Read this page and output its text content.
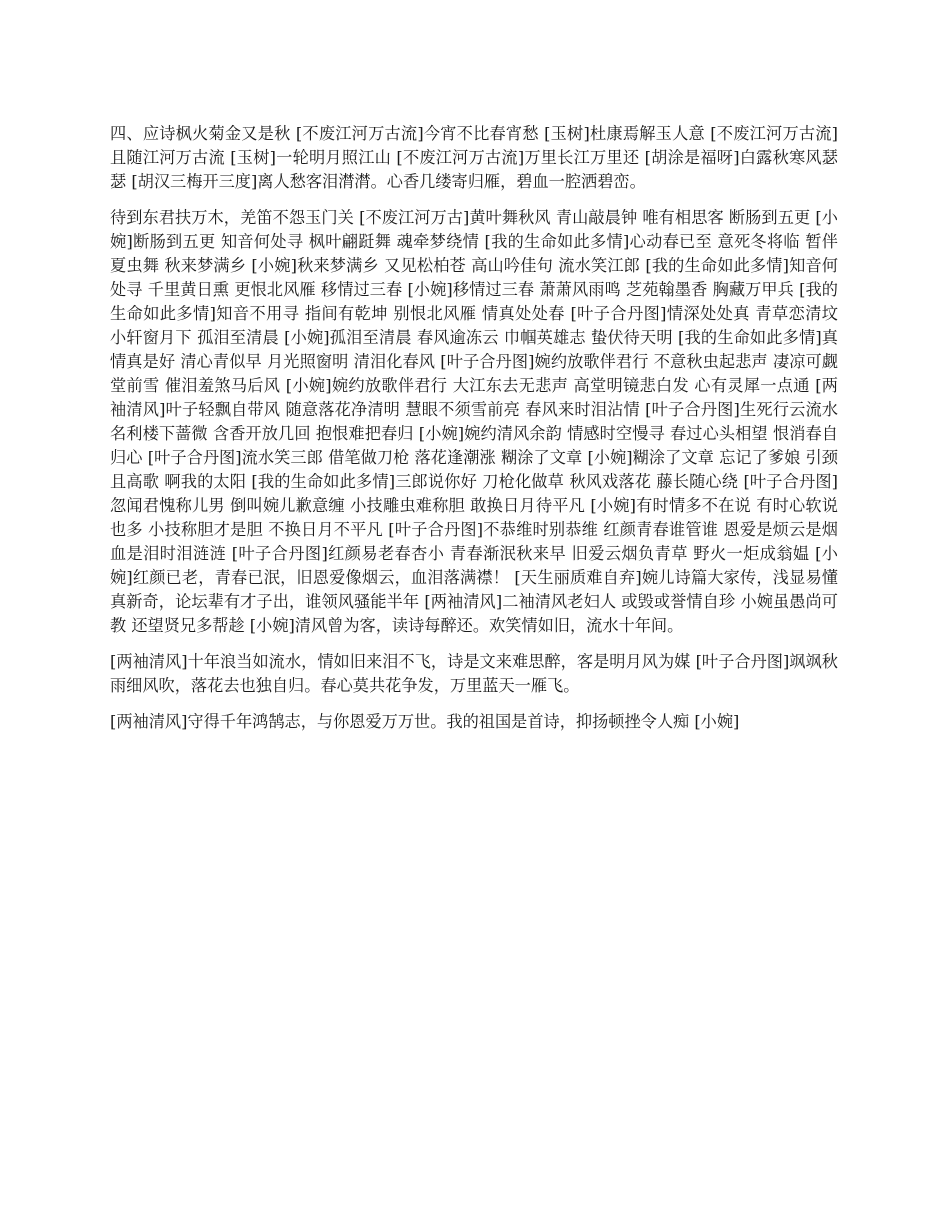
四、应诗枫火菊金又是秋 [不废江河万古流]今宵不比春宵愁 [玉树]杜康焉解玉人意 [不废江河万古流]且随江河万古流 [玉树]一轮明月照江山 [不废江河万古流]万里长江万里还 [胡涂是福呀]白露秋寒风瑟瑟 [胡汉三梅开三度]离人愁客泪潸潸。心香几缕寄归雁，碧血一腔洒碧峦。

待到东君扶万木，羌笛不怨玉门关 [不废江河万古]黄叶舞秋风 青山敲晨钟 唯有相思客 断肠到五更 [小婉]断肠到五更 知音何处寻 枫叶翩跹舞 魂牵梦绕情 [我的生命如此多情]心动春已至 意死冬将临 暂伴夏虫舞 秋来梦满乡 [小婉]秋来梦满乡 又见松柏苍 高山吟佳句 流水笑江郎 [我的生命如此多情]知音何处寻 千里黄日熏 更恨北风雁 移情过三春 [小婉]移情过三春 萧萧风雨鸣 芝苑翰墨香 胸藏万甲兵 [我的生命如此多情]知音不用寻 指间有乾坤 别恨北风雁 情真处处春 [叶子合丹图]情深处处真 青草恋清坟 小轩窗月下 孤泪至清晨 [小婉]孤泪至清晨 春风逾冻云 巾帼英雄志 蛰伏待天明 [我的生命如此多情]真情真是好 清心青似早 月光照窗明 清泪化春风 [叶子合丹图]婉约放歌伴君行 不意秋虫起悲声 凄凉可觑堂前雪 催泪羞煞马后风 [小婉]婉约放歌伴君行 大江东去无悲声 高堂明镜悲白发 心有灵犀一点通 [两袖清风]叶子轻飘自带风 随意落花净清明 慧眼不须雪前亮 春风来时泪沾情 [叶子合丹图]生死行云流水 名利楼下蔷微 含香开放几回 抱恨难把春归 [小婉]婉约清风余韵 情感时空慢寻 春过心头相望 恨消春自归心 [叶子合丹图]流水笑三郎 借笔做刀枪 落花逢潮涨 糊涂了文章 [小婉]糊涂了文章 忘记了爹娘 引颈且高歌 啊我的太阳 [我的生命如此多情]三郎说你好 刀枪化做草 秋风戏落花 藤长随心绕 [叶子合丹图]忽闻君愧称儿男 倒叫婉儿歉意缠 小技雕虫难称胆 敢换日月待平凡 [小婉]有时情多不在说 有时心软说也多 小技称胆才是胆 不换日月不平凡 [叶子合丹图]不恭维时别恭维 红颜青春谁管谁 恩爱是烦云是烟 血是泪时泪涟涟 [叶子合丹图]红颜易老春杏小 青春渐泯秋来早 旧爱云烟负青草 野火一炬成翁媪 [小婉]红颜已老，青春已泯，旧恩爱像烟云，血泪落满襟！ [天生丽质难自弃]婉儿诗篇大家传，浅显易懂真新奇，论坛辈有才子出，谁领风骚能半年 [两袖清风]二袖清风老妇人 或毁或誉情自珍 小婉虽愚尚可教 还望贤兄多帮趁 [小婉]清风曾为客，读诗每醉还。欢笑情如旧，流水十年间。

[两袖清风]十年浪当如流水，情如旧来泪不飞，诗是文来难思醉，客是明月风为媒 [叶子合丹图]飒飒秋雨细风吹，落花去也独自归。春心莫共花争发，万里蓝天一雁飞。

[两袖清风]守得千年鸿鹄志，与你恩爱万万世。我的祖国是首诗，抑扬顿挫令人痴 [小婉]
